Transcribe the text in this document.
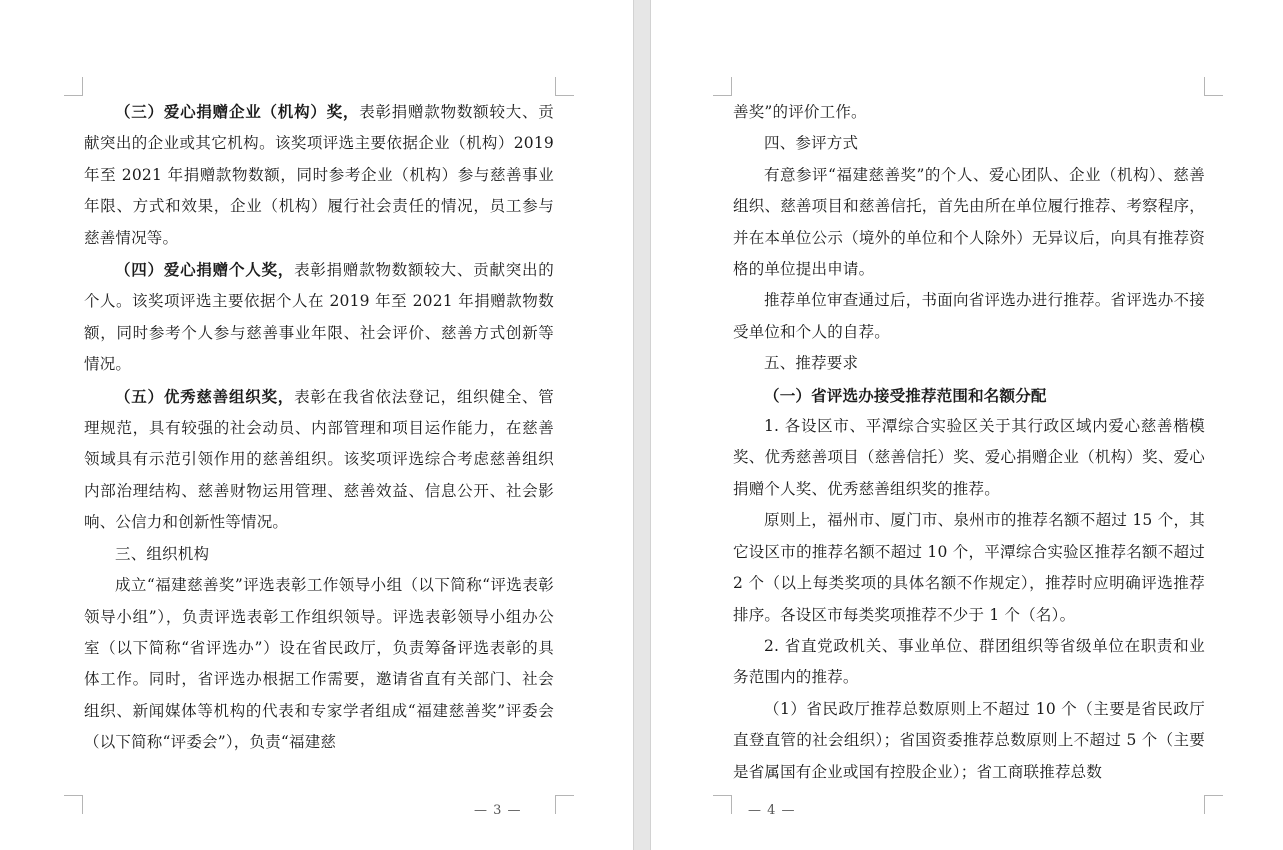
（三）爱心捐赠企业（机构）奖，表彰捐赠款物数额较大、贡献突出的企业或其它机构。该奖项评选主要依据企业（机构）2019 年至 2021 年捐赠款物数额，同时参考企业（机构）参与慈善事业年限、方式和效果，企业（机构）履行社会责任的情况，员工参与慈善情况等。

（四）爱心捐赠个人奖，表彰捐赠款物数额较大、贡献突出的个人。该奖项评选主要依据个人在 2019 年至 2021 年捐赠款物数额，同时参考个人参与慈善事业年限、社会评价、慈善方式创新等情况。

（五）优秀慈善组织奖，表彰在我省依法登记，组织健全、管理规范，具有较强的社会动员、内部管理和项目运作能力，在慈善领域具有示范引领作用的慈善组织。该奖项评选综合考虑慈善组织内部治理结构、慈善财物运用管理、慈善效益、信息公开、社会影响、公信力和创新性等情况。

三、组织机构

成立“福建慈善奖”评选表彰工作领导小组（以下简称“评选表彰领导小组”），负责评选表彰工作组织领导。评选表彰领导小组办公室（以下简称“省评选办”）设在省民政厅，负责筹备评选表彰的具体工作。同时，省评选办根据工作需要，邀请省直有关部门、社会组织、新闻媒体等机构的代表和专家学者组成“福建慈善奖”评委会（以下简称“评委会”），负责“福建慈

— 3 —

善奖”的评价工作。

四、参评方式

有意参评“福建慈善奖”的个人、爱心团队、企业（机构）、慈善组织、慈善项目和慈善信托，首先由所在单位履行推荐、考察程序，并在本单位公示（境外的单位和个人除外）无异议后，向具有推荐资格的单位提出申请。

推荐单位审查通过后，书面向省评选办进行推荐。省评选办不接受单位和个人的自荐。

五、推荐要求

（一）省评选办接受推荐范围和名额分配

1. 各设区市、平潭综合实验区关于其行政区域内爱心慈善楷模奖、优秀慈善项目（慈善信托）奖、爱心捐赠企业（机构）奖、爱心捐赠个人奖、优秀慈善组织奖的推荐。

原则上，福州市、厦门市、泉州市的推荐名额不超过 15 个，其它设区市的推荐名额不超过 10 个，平潭综合实验区推荐名额不超过 2 个（以上每类奖项的具体名额不作规定），推荐时应明确评选推荐排序。各设区市每类奖项推荐不少于 1 个（名）。

2. 省直党政机关、事业单位、群团组织等省级单位在职责和业务范围内的推荐。

（1）省民政厅推荐总数原则上不超过 10 个（主要是省民政厅直登直管的社会组织）；省国资委推荐总数原则上不超过 5 个（主要是省属国有企业或国有控股企业）；省工商联推荐总数

— 4 —
